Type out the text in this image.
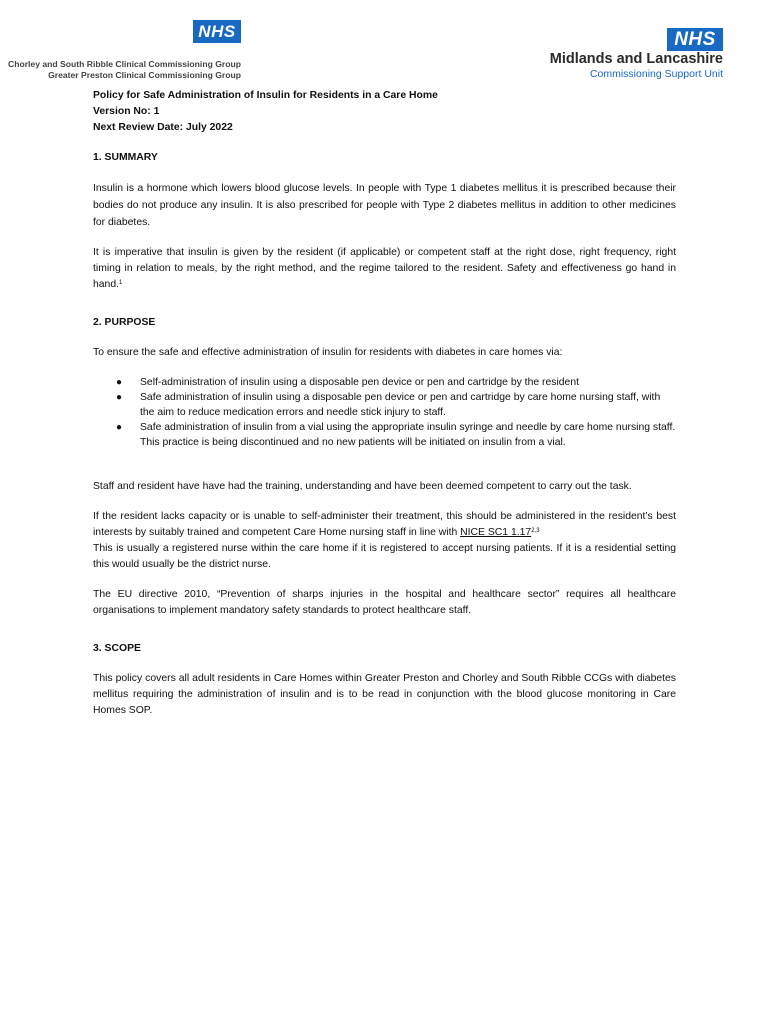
NHS
Chorley and South Ribble Clinical Commissioning Group
Greater Preston Clinical Commissioning Group
NHS
Midlands and Lancashire
Commissioning Support Unit

Policy for Safe Administration of Insulin for Residents in a Care Home

Version No: 1

Next Review Date: July 2022

1. SUMMARY

Insulin is a hormone which lowers blood glucose levels. In people with Type 1 diabetes mellitus it is prescribed because their bodies do not produce any insulin. It is also prescribed for people with Type 2 diabetes mellitus in addition to other medicines for diabetes.

It is imperative that insulin is given by the resident (if applicable) or competent staff at the right dose, right frequency, right timing in relation to meals, by the right method, and the regime tailored to the resident. Safety and effectiveness go hand in hand.$^1$

2. PURPOSE

To ensure the safe and effective administration of insulin for residents with diabetes in care homes via:

● Self-administration of insulin using a disposable pen device or pen and cartridge by the resident
● Safe administration of insulin using a disposable pen device or pen and cartridge by care home nursing staff, with the aim to reduce medication errors and needle stick injury to staff.
● Safe administration of insulin from a vial using the appropriate insulin syringe and needle by care home nursing staff. This practice is being discontinued and no new patients will be initiated on insulin from a vial.

Staff and resident have have had the training, understanding and have been deemed competent to carry out the task.

If the resident lacks capacity or is unable to self-administer their treatment, this should be administered in the resident’s best interests by suitably trained and competent Care Home nursing staff in line with NICE SC1 1.17$^{2,3}$

This is usually a registered nurse within the care home if it is registered to accept nursing patients. If it is a residential setting this would usually be the district nurse.

The EU directive 2010, “Prevention of sharps injuries in the hospital and healthcare sector” requires all healthcare organisations to implement mandatory safety standards to protect healthcare staff.

3. SCOPE

This policy covers all adult residents in Care Homes within Greater Preston and Chorley and South Ribble CCGs with diabetes mellitus requiring the administration of insulin and is to be read in conjunction with the blood glucose monitoring in Care Homes SOP.
